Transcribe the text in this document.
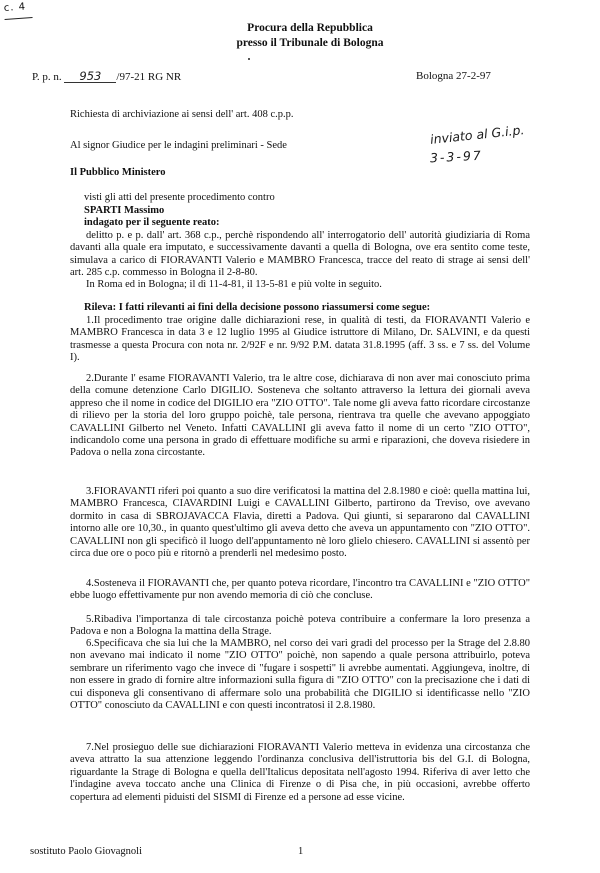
c. 4
Procura della Repubblica
presso il Tribunale di Bologna
P. p. n. 953 /97-21 RG NR	Bologna 27-2-97
Richiesta di archiviazione ai sensi dell' art. 408 c.p.p.
Al signor Giudice per le indagini preliminari - Sede	inviato al G.i.p.
3-3-97
Il Pubblico Ministero
visti gli atti del presente procedimento contro
SPARTI Massimo
indagato per il seguente reato:

delitto p. e p. dall' art. 368 c.p., perchè rispondendo all' interrogatorio dell' autorità giudiziaria di Roma davanti alla quale era imputato, e successivamente davanti a quella di Bologna, ove era sentito come teste, simulava a carico di FIORAVANTI Valerio e MAMBRO Francesca, tracce del reato di strage ai sensi dell' art. 285 c.p. commesso in Bologna il 2-8-80.

In Roma ed in Bologna; il dì 11-4-81, il 13-5-81 e più volte in seguito.

Rileva: I fatti rilevanti ai fini della decisione possono riassumersi come segue:

1.Il procedimento trae origine dalle dichiarazioni rese, in qualità di testi, da FIORAVANTI Valerio e MAMBRO Francesca in data 3 e 12 luglio 1995 al Giudice istruttore di Milano, Dr. SALVINI, e da questi trasmesse a questa Procura con nota nr. 2/92F e nr. 9/92 P.M. datata 31.8.1995 (aff. 3 ss. e 7 ss. del Volume I).

2.Durante l' esame FIORAVANTI Valerio, tra le altre cose, dichiarava di non aver mai conosciuto prima della comune detenzione Carlo DIGILIO. Sosteneva che soltanto attraverso la lettura dei giornali aveva appreso che il nome in codice del DIGILIO era "ZIO OTTO". Tale nome gli aveva fatto ricordare circostanze di rilievo per la storia del loro gruppo poichè, tale persona, rientrava tra quelle che avevano appoggiato CAVALLINI Gilberto nel Veneto. Infatti CAVALLINI gli aveva fatto il nome di un certo "ZIO OTTO", indicandolo come una persona in grado di effettuare modifiche su armi e riparazioni, che doveva risiedere in Padova o nella zona circostante.

3.FIORAVANTI riferì poi quanto a suo dire verificatosi la mattina del 2.8.1980 e cioè: quella mattina lui, MAMBRO Francesca, CIAVARDINI Luigi e CAVALLINI Gilberto, partirono da Treviso, ove avevano dormito in casa di SBROJAVACCA Flavia, diretti a Padova. Qui giunti, si separarono dal CAVALLINI intorno alle ore 10,30., in quanto quest'ultimo gli aveva detto che aveva un appuntamento con "ZIO OTTO". CAVALLINI non gli specificò il luogo dell'appuntamento nè loro glielo chiesero. CAVALLINI si assentò per circa due ore o poco più e ritornò a prenderli nel medesimo posto.

4.Sosteneva il FIORAVANTI che, per quanto poteva ricordare, l'incontro tra CAVALLINI e "ZIO OTTO" ebbe luogo effettivamente pur non avendo memoria di ciò che concluse.

5.Ribadiva l'importanza di tale circostanza poichè poteva contribuire a confermare la loro presenza a Padova e non a Bologna la mattina della Strage.

6.Specificava che sia lui che la MAMBRO, nel corso dei vari gradi del processo per la Strage del 2.8.80 non avevano mai indicato il nome "ZIO OTTO" poichè, non sapendo a quale persona attribuirlo, poteva sembrare un riferimento vago che invece di "fugare i sospetti" li avrebbe aumentati. Aggiungeva, inoltre, di non essere in grado di fornire altre informazioni sulla figura di "ZIO OTTO" con la precisazione che i dati di cui disponeva gli consentivano di affermare solo una probabilità che DIGILIO si identificasse nello "ZIO OTTO" conosciuto da CAVALLINI e con questi incontratosi il 2.8.1980.

7.Nel prosieguo delle sue dichiarazioni FIORAVANTI Valerio metteva in evidenza una circostanza che aveva attratto la sua attenzione leggendo l'ordinanza conclusiva dell'istruttoria bis del G.I. di Bologna, riguardante la Strage di Bologna e quella dell'Italicus depositata nell'agosto 1994. Riferiva di aver letto che l'indagine aveva toccato anche una Clinica di Firenze o di Pisa che, in più occasioni, avrebbe offerto copertura ad elementi piduisti del SISMI di Firenze ed a persone ad esse vicine.

sostituto Paolo Giovagnoli	1
